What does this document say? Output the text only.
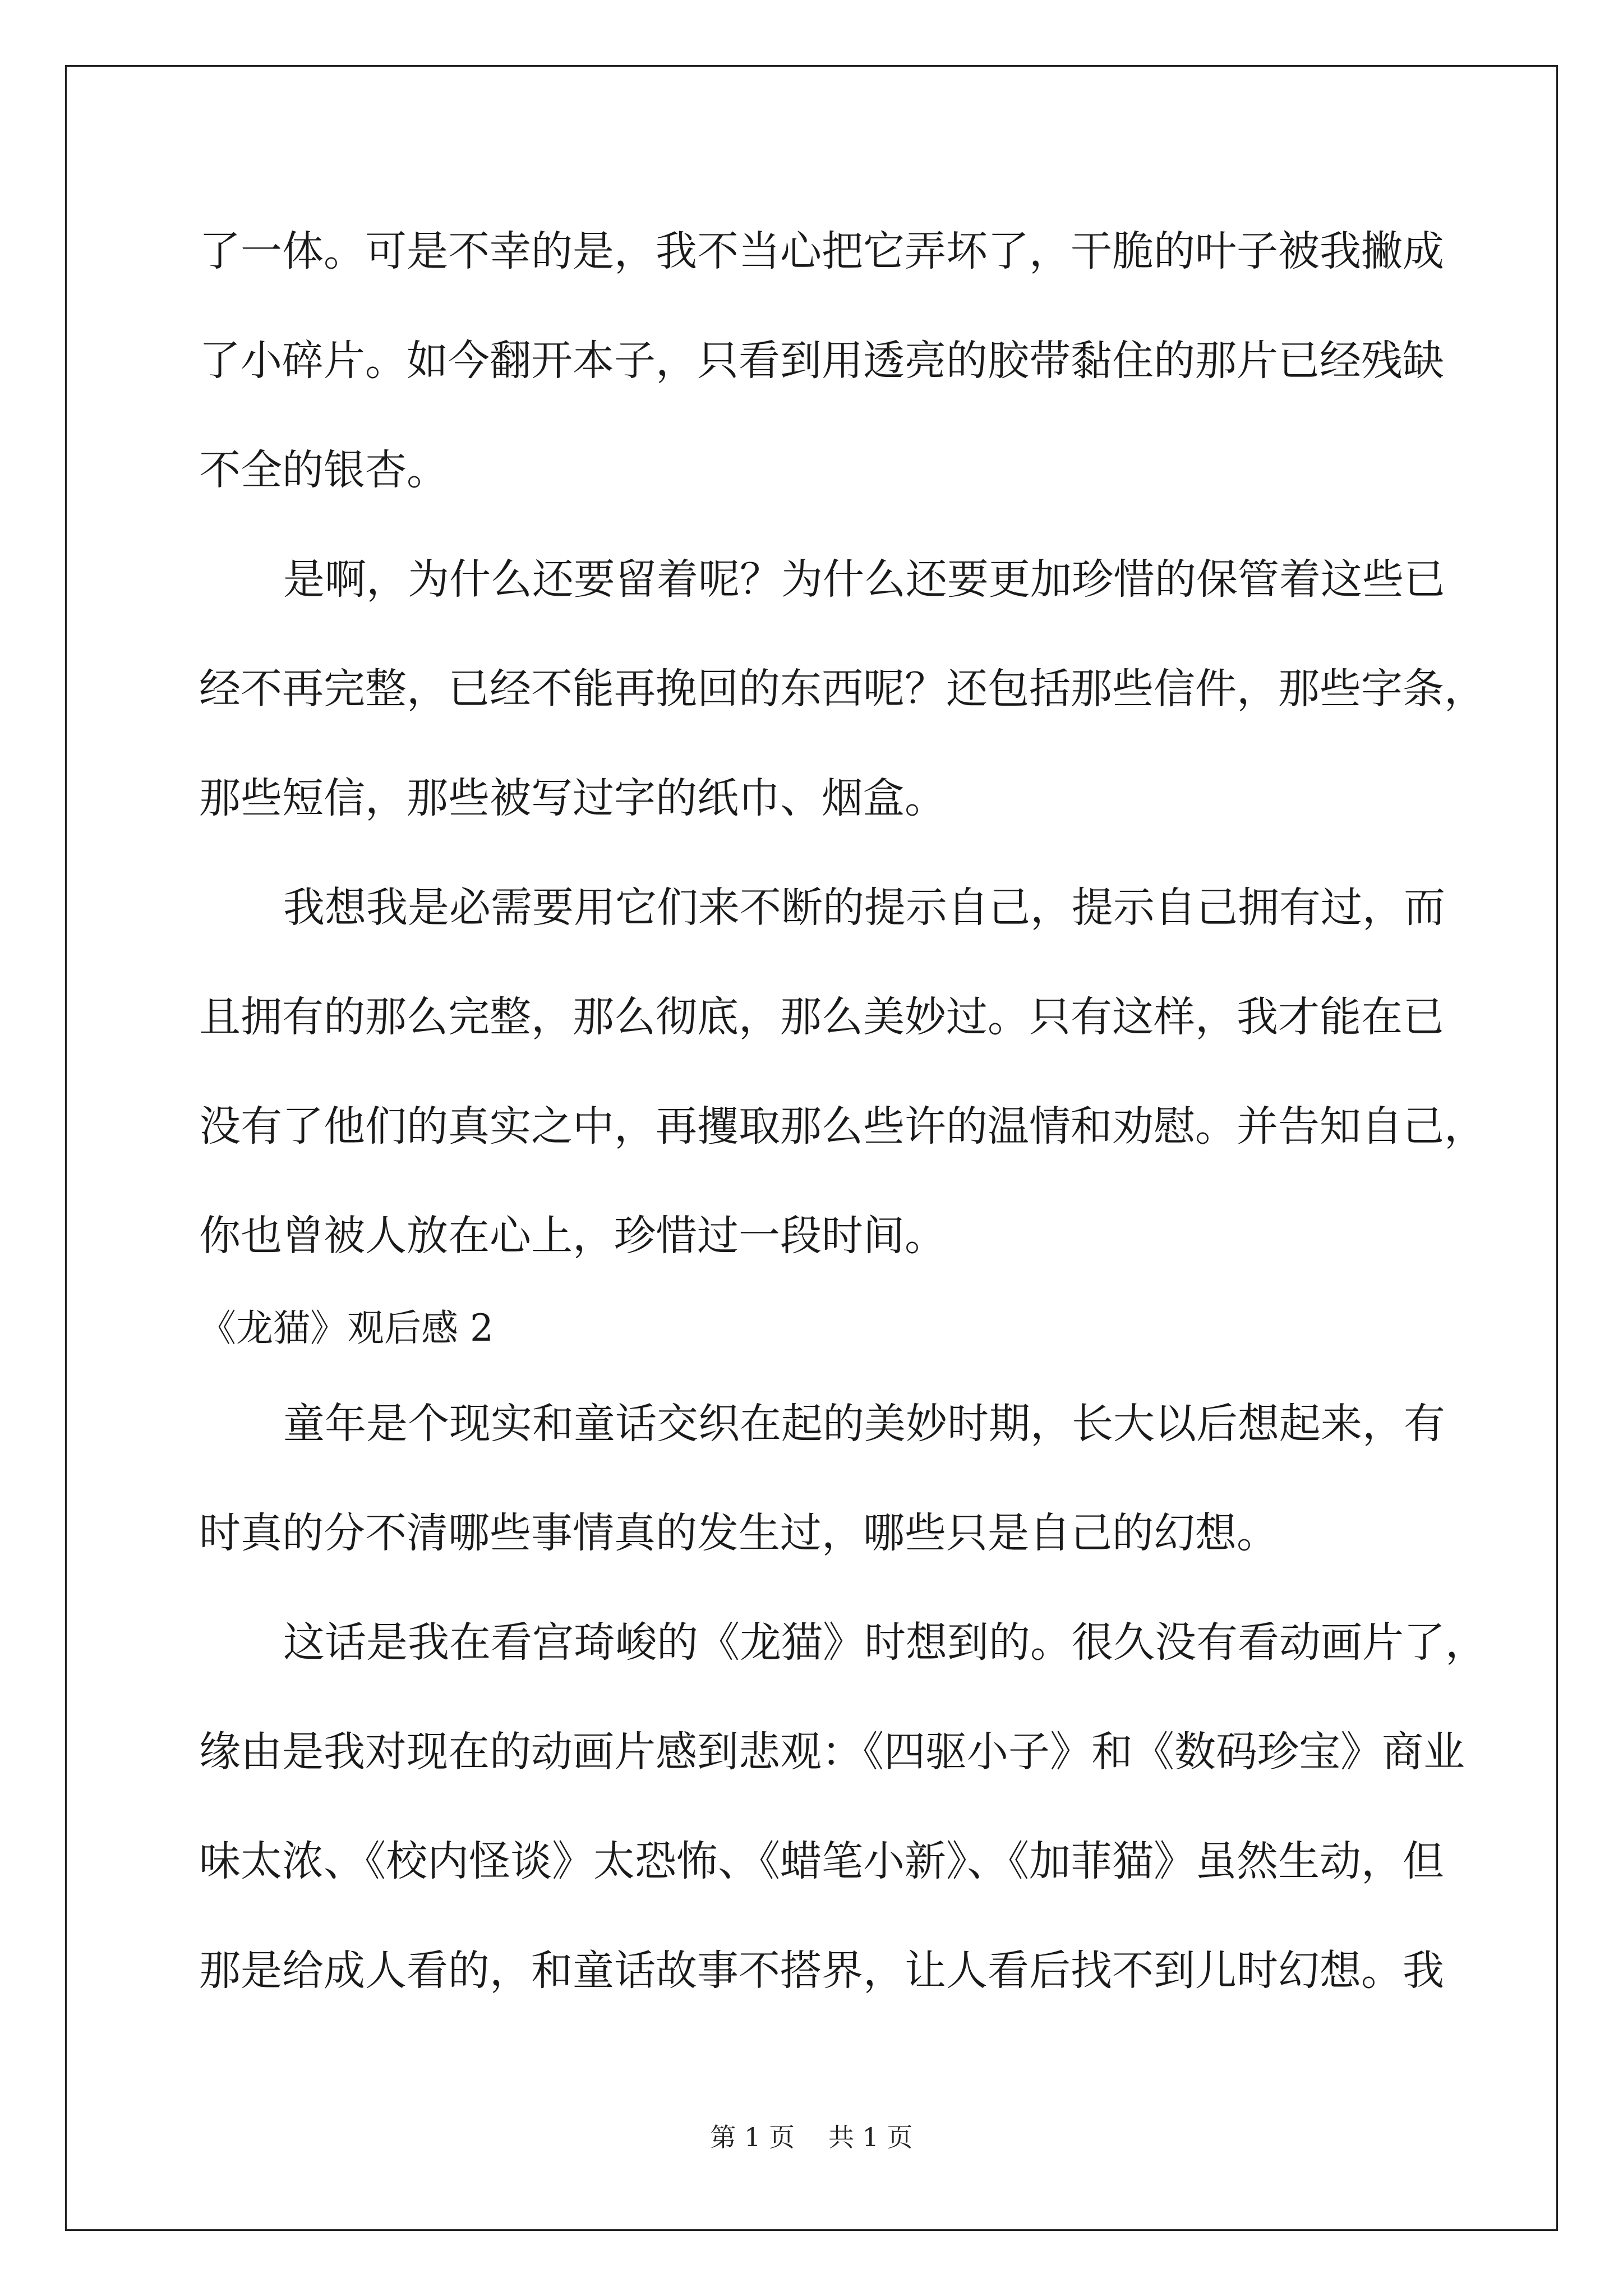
了一体。可是不幸的是，我不当心把它弄坏了，干脆的叶子被我撇成
了小碎片。如今翻开本子，只看到用透亮的胶带黏住的那片已经残缺
不全的银杏。
是啊，为什么还要留着呢？为什么还要更加珍惜的保管着这些已
经不再完整，已经不能再挽回的东西呢？还包括那些信件，那些字条，
那些短信，那些被写过字的纸巾、烟盒。
我想我是必需要用它们来不断的提示自己，提示自己拥有过，而
且拥有的那么完整，那么彻底，那么美妙过。只有这样，我才能在已
没有了他们的真实之中，再攫取那么些许的温情和劝慰。并告知自己，
你也曾被人放在心上，珍惜过一段时间。
《龙猫》观后感 2
童年是个现实和童话交织在起的美妙时期，长大以后想起来，有
时真的分不清哪些事情真的发生过，哪些只是自己的幻想。
这话是我在看宫琦峻的《龙猫》时想到的。很久没有看动画片了，
缘由是我对现在的动画片感到悲观：《四驱小子》和《数码珍宝》商业
味太浓、《校内怪谈》太恐怖、《蜡笔小新》、《加菲猫》虽然生动，但
那是给成人看的，和童话故事不搭界，让人看后找不到儿时幻想。我
第 1 页 共 1 页
